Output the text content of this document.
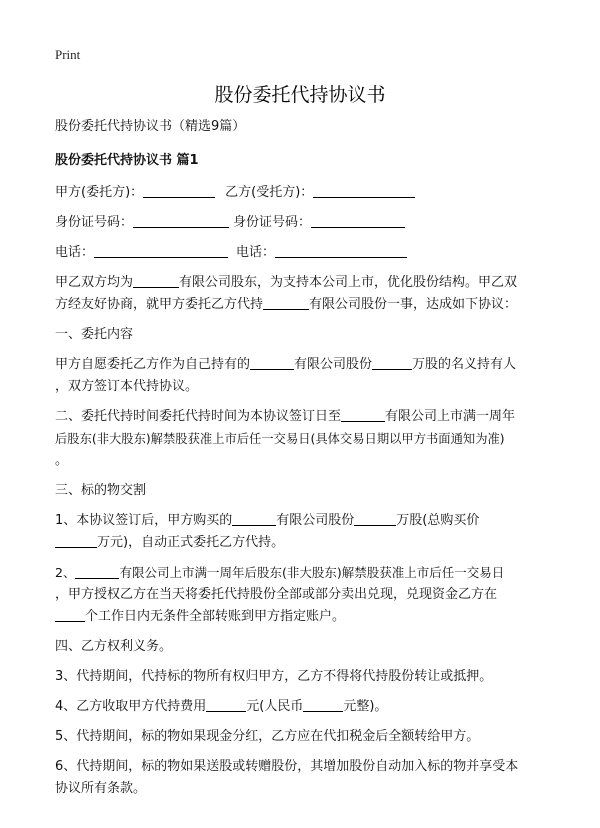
Print
股份委托代持协议书
股份委托代持协议书（精选9篇）
股份委托代持协议书 篇1
甲方(委托方)：	乙方(受托方)：
身份证号码：	身份证号码：
电话：	电话：
甲乙双方均为	有限公司股东，为支持本公司上市，优化股份结构。甲乙双
方经友好协商，就甲方委托乙方代持	有限公司股份一事，达成如下协议：
一、委托内容
甲方自愿委托乙方作为自己持有的	有限公司股份	万股的名义持有人
，双方签订本代持协议。
二、委托代持时间委托代持时间为本协议签订日至	有限公司上市满一周年
后股东(非大股东)解禁股获准上市后任一交易日(具体交易日期以甲方书面通知为准)
。
三、标的物交割
1、本协议签订后，甲方购买的	有限公司股份	万股(总购买价
万元)，自动正式委托乙方代持。
2、	有限公司上市满一周年后股东(非大股东)解禁股获准上市后任一交易日
，甲方授权乙方在当天将委托代持股份全部或部分卖出兑现，兑现资金乙方在
个工作日内无条件全部转账到甲方指定账户。
四、乙方权利义务。
3、代持期间，代持标的物所有权归甲方，乙方不得将代持股份转让或抵押。
4、乙方收取甲方代持费用	元(人民币	元整)。
5、代持期间，标的物如果现金分红，乙方应在代扣税金后全额转给甲方。
6、代持期间，标的物如果送股或转赠股份，其增加股份自动加入标的物并享受本
协议所有条款。
